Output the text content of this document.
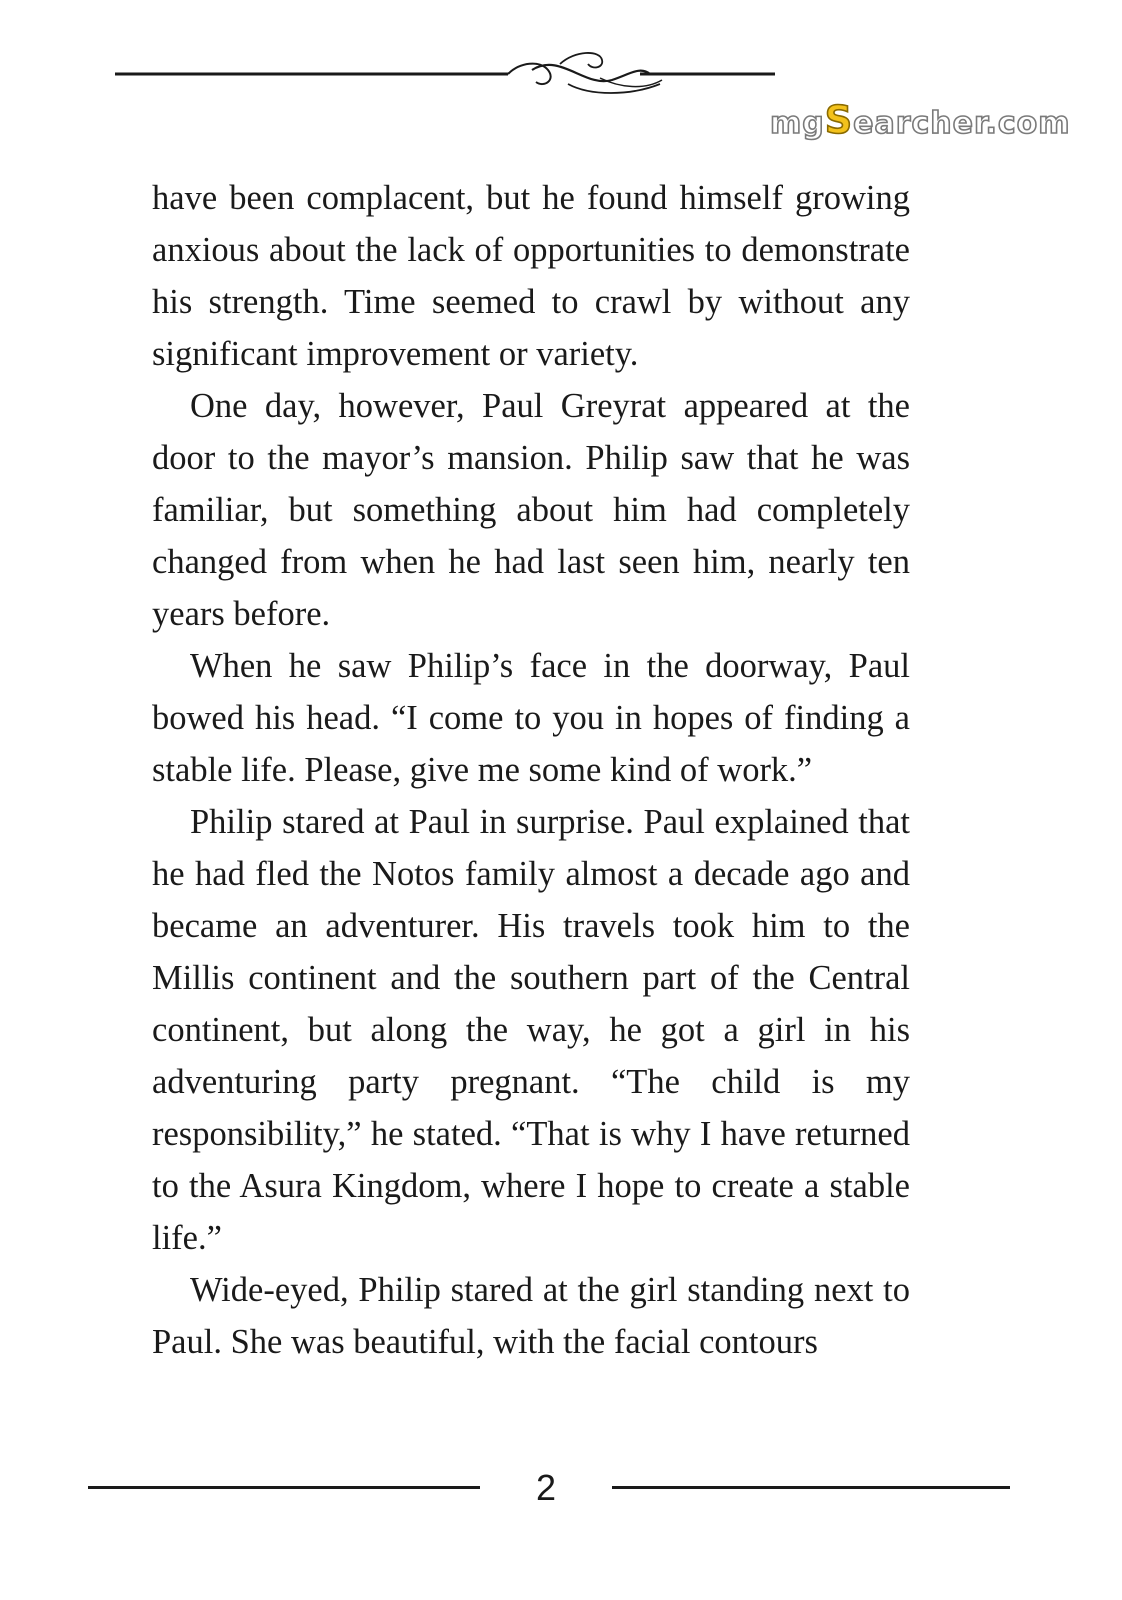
mgSearcher.com

have been complacent, but he found himself growing anxious about the lack of opportunities to demonstrate his strength. Time seemed to crawl by without any significant improvement or variety.

One day, however, Paul Greyrat appeared at the door to the mayor’s mansion. Philip saw that he was familiar, but something about him had completely changed from when he had last seen him, nearly ten years before.

When he saw Philip’s face in the doorway, Paul bowed his head. “I come to you in hopes of finding a stable life. Please, give me some kind of work.”

Philip stared at Paul in surprise. Paul explained that he had fled the Notos family almost a decade ago and became an adventurer. His travels took him to the Millis continent and the southern part of the Central continent, but along the way, he got a girl in his adventuring party pregnant. “The child is my responsibility,” he stated. “That is why I have returned to the Asura Kingdom, where I hope to create a stable life.”

Wide-eyed, Philip stared at the girl standing next to Paul. She was beautiful, with the facial contours

2
